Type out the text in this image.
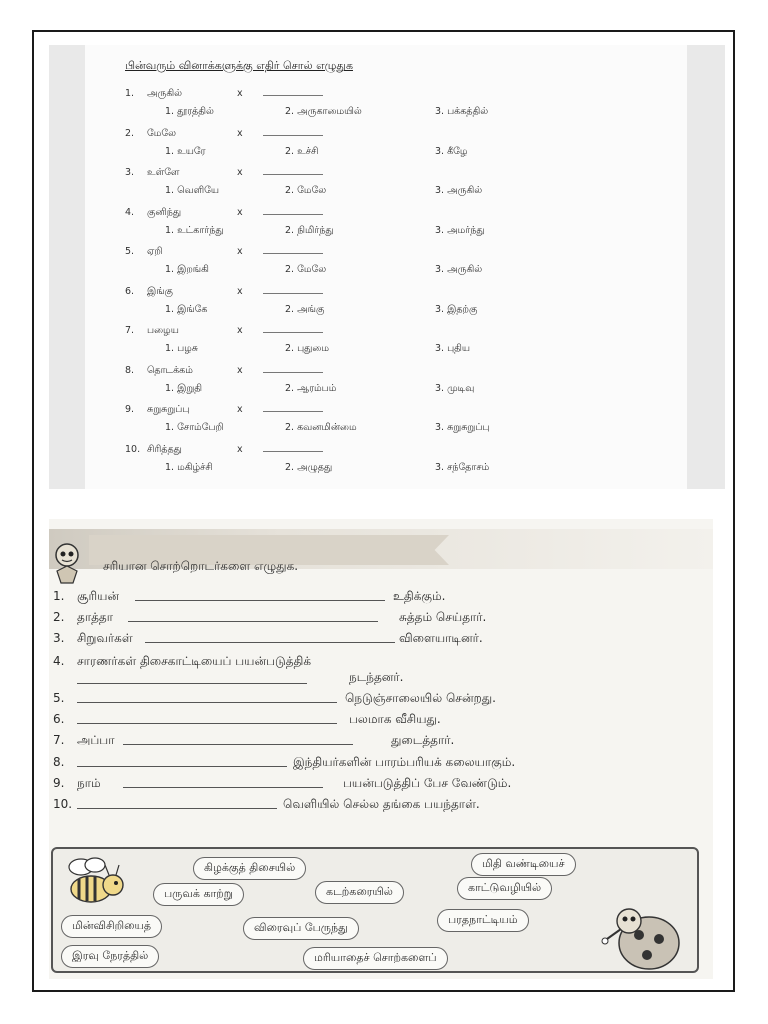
பின்வரும் வினாக்களுக்கு எதிர் சொல் எழுதுக
1. அருகில்	x
1. தூரத்தில்	2. அருகாமையில்	3. பக்கத்தில்
2. மேலே	x
1. உயரே	2. உச்சி	3. கீழே
3. உள்ளே	x
1. வெளியே	2. மேலே	3. அருகில்
4. குனிந்து	x
1. உட்கார்ந்து	2. நிமிர்ந்து	3. அமர்ந்து
5. ஏறி	x
1. இறங்கி	2. மேலே	3. அருகில்
6. இங்கு	x
1. இங்கே	2. அங்கு	3. இதற்கு
7. பழைய	x
1. பழசு	2. புதுமை	3. புதிய
8. தொடக்கம்	x
1. இறுதி	2. ஆரம்பம்	3. முடிவு
9. சுறுசுறுப்பு	x
1. சோம்பேறி	2. கவனமின்மை	3. சுறுசுறுப்பு
10. சிரித்தது	x
1. மகிழ்ச்சி	2. அழுதது	3. சந்தோசம்
சரியான சொற்றொடர்களை எழுதுக.
1. சூரியன்	உதிக்கும்.
2. தாத்தா	சுத்தம் செய்தார்.
3. சிறுவர்கள்	விளையாடினர்.
4. சாரணர்கள் திசைகாட்டியைப் பயன்படுத்திக்
நடந்தனர்.
5.	நெடுஞ்சாலையில் சென்றது.
6.	பலமாக வீசியது.
7. அப்பா	துடைத்தார்.
8.	இந்தியர்களின் பாரம்பரியக் கலையாகும்.
9. நாம்	பயன்படுத்திப் பேச வேண்டும்.
10.	வெளியில் செல்ல தங்கை பயந்தாள்.
கிழக்குத் திசையில்	மிதி வண்டியைச்
பருவக் காற்று	கடற்கரையில்	காட்டுவழியில்
மின்விசிறியைத்	விரைவுப் பேருந்து
பரதநாட்டியம்
இரவு நேரத்தில்	மரியாதைச் சொற்களைப்
